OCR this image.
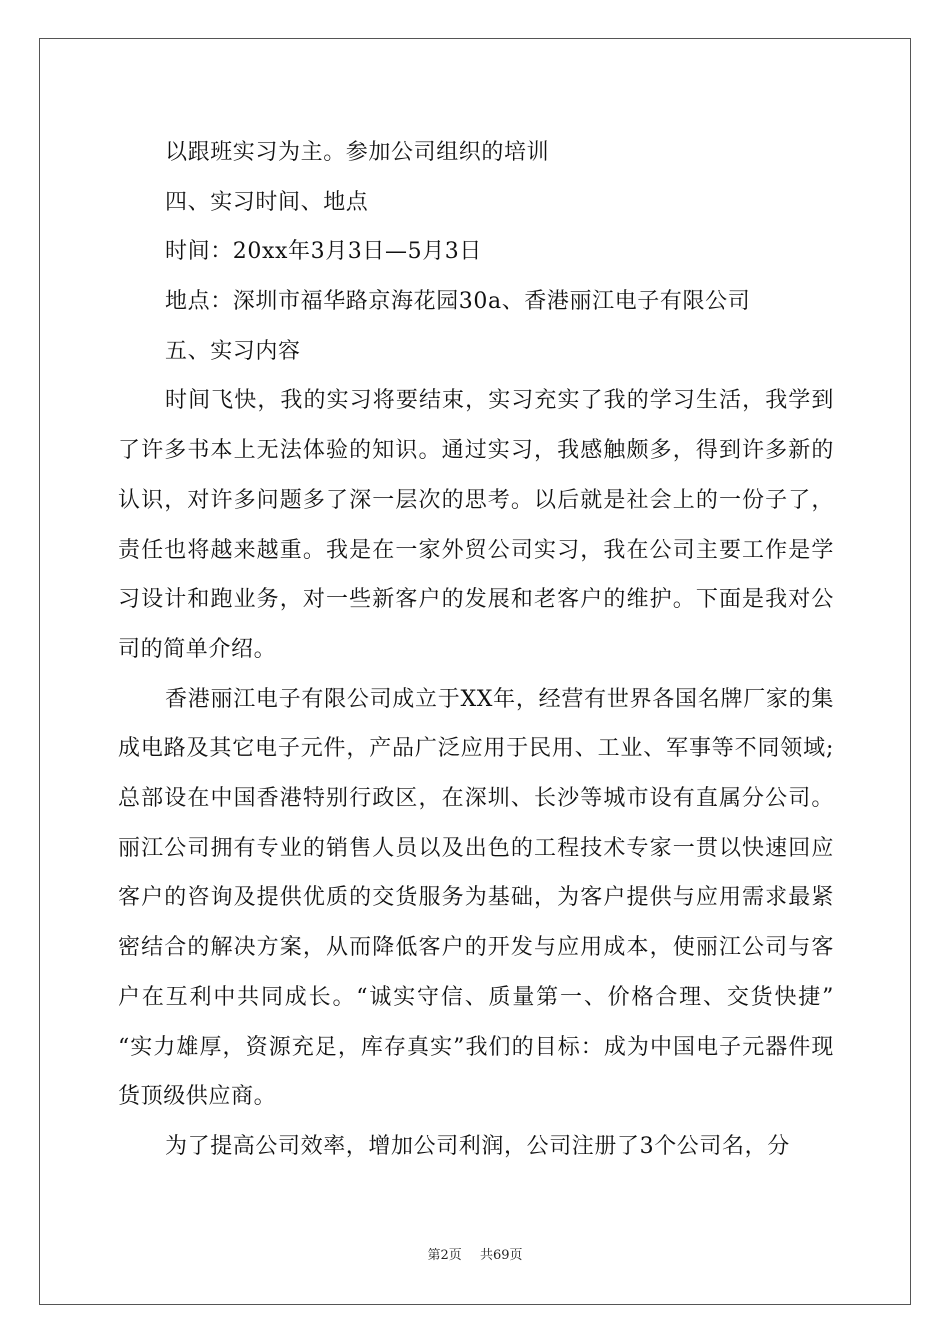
以跟班实习为主。参加公司组织的培训
四、实习时间、地点
时间：20xx年3月3日—5月3日
地点：深圳市福华路京海花园30a、香港丽江电子有限公司
五、实习内容

时间飞快，我的实习将要结束，实习充实了我的学习生活，我学到了许多书本上无法体验的知识。通过实习，我感触颇多，得到许多新的认识，对许多问题多了深一层次的思考。以后就是社会上的一份子了，责任也将越来越重。我是在一家外贸公司实习，我在公司主要工作是学习设计和跑业务，对一些新客户的发展和老客户的维护。下面是我对公司的简单介绍。

香港丽江电子有限公司成立于XX年，经营有世界各国名牌厂家的集成电路及其它电子元件，产品广泛应用于民用、工业、军事等不同领域;总部设在中国香港特别行政区，在深圳、长沙等城市设有直属分公司。 丽江公司拥有专业的销售人员以及出色的工程技术专家一贯以快速回应客户的咨询及提供优质的交货服务为基础，为客户提供与应用需求最紧密结合的解决方案，从而降低客户的开发与应用成本，使丽江公司与客户在互利中共同成长。“诚实守信、质量第一、价格合理、交货快捷” “实力雄厚，资源充足，库存真实”我们的目标：成为中国电子元器件现货顶级供应商。

为了提高公司效率，增加公司利润，公司注册了3个公司名，分

第2页 共69页
